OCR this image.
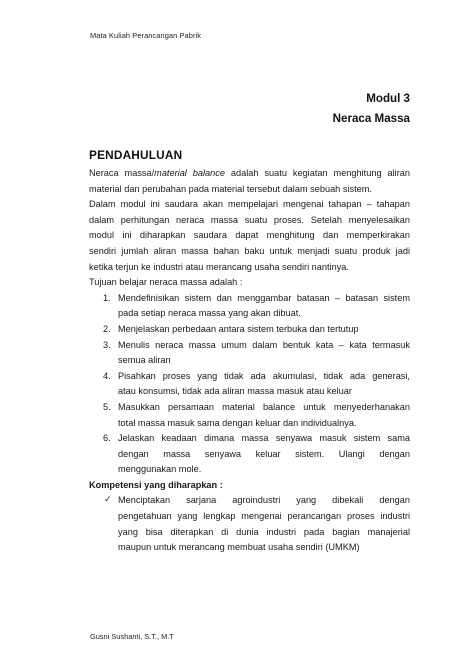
Mata Kuliah Perancangan Pabrik
Modul 3
Neraca Massa
PENDAHULUAN

Neraca massa/material balance adalah suatu kegiatan menghitung aliran

material dan perubahan pada material tersebut dalam sebuah sistem.

Dalam modul ini saudara akan mempelajari mengenai tahapan – tahapan

dalam perhitungan neraca massa suatu proses. Setelah menyelesaikan

modul ini diharapkan saudara dapat menghitung dan memperkirakan

sendiri jumlah aliran massa bahan baku untuk menjadi suatu produk jadi

ketika terjun ke industri atau merancang usaha sendiri nantinya.

Tujuan belajar neraca massa adalah :

1. Mendefinisikan sistem dan menggambar batasan – batasan sistem
pada setiap neraca massa yang akan dibuat.
2. Menjelaskan perbedaan antara sistem terbuka dan tertutup
3. Menulis neraca massa umum dalam bentuk kata – kata termasuk
semua aliran
4. Pisahkan proses yang tidak ada akumulasi, tidak ada generasi,
atau konsumsi, tidak ada aliran massa masuk atau keluar
5. Masukkan persamaan material balance untuk menyederhanakan
total massa masuk sama dengan keluar dan individualnya.
6. Jelaskan keadaan dimana massa senyawa masuk sistem sama
dengan massa senyawa keluar sistem. Ulangi dengan
menggunakan mole.

Kompetensi yang diharapkan :

✓ Menciptakan sarjana agroindustri yang dibekali dengan
pengetahuan yang lengkap mengenai perancangan proses industri
yang bisa diterapkan di dunia industri pada bagian manajerial
maupun untuk merancang membuat usaha sendiri (UMKM)
Gusni Sushanti, S.T., M.T
